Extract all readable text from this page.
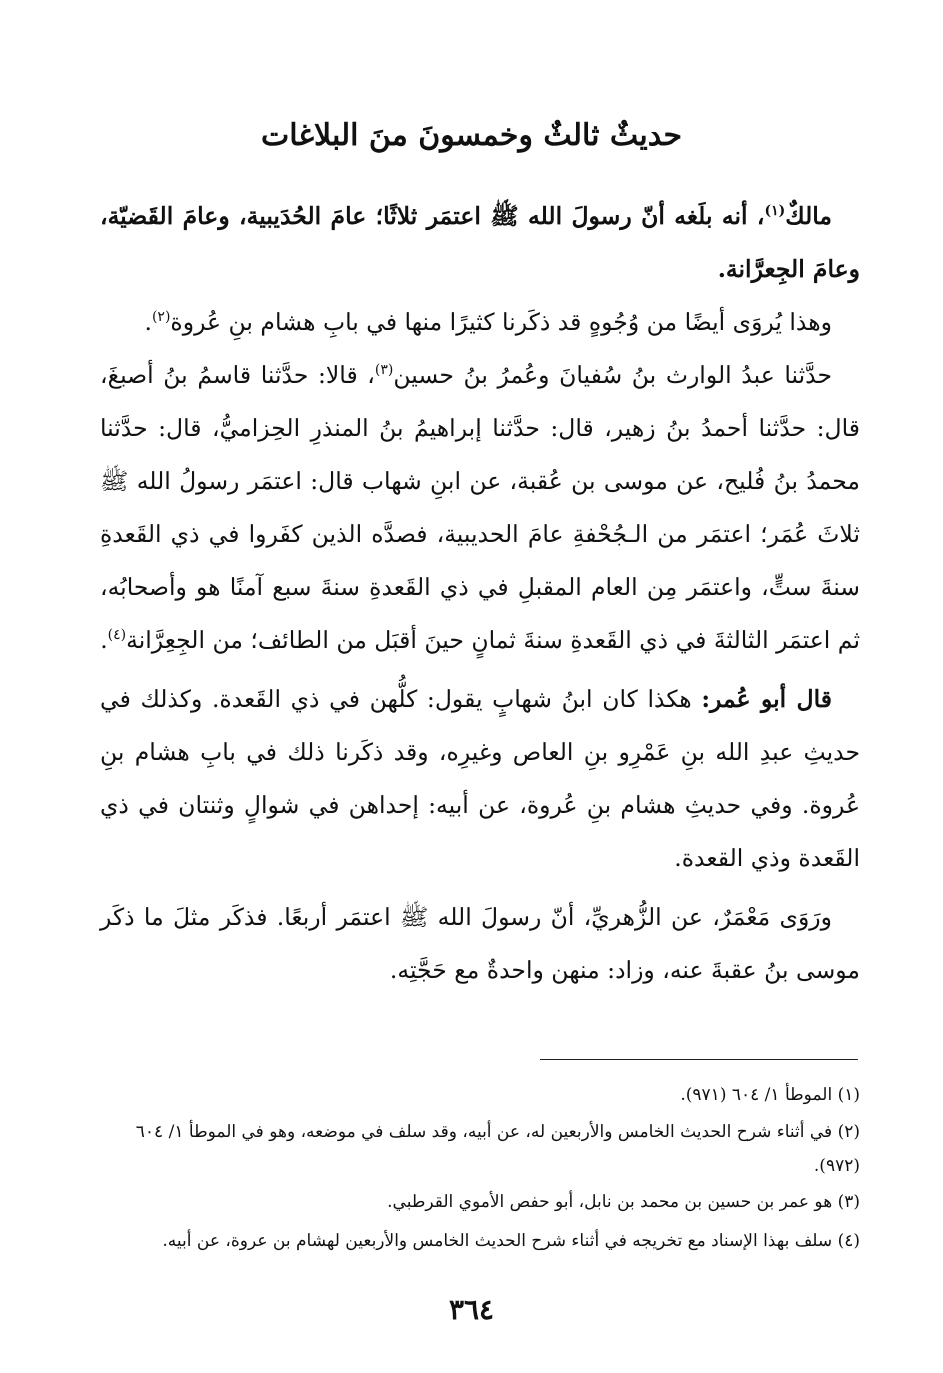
حديثٌ ثالثٌ وخمسونَ منَ البلاغات

مالكٌ$^{(١)}$، أنه بلَغه أنّ رسولَ الله ﷺ اعتمَر ثلاثًا؛ عامَ الحُدَيبية، وعامَ القَضيّة، وعامَ الجِعرَّانة.

وهذا يُروَى أيضًا من وُجُوهٍ قد ذكَرنا كثيرًا منها في بابِ هشام بنِ عُروة$^{(٢)}$.

حدَّثنا عبدُ الوارث بنُ سُفيانَ وعُمرُ بنُ حسين$^{(٣)}$، قالا: حدَّثنا قاسمُ بنُ أصبغَ، قال: حدَّثنا أحمدُ بنُ زهير، قال: حدَّثنا إبراهيمُ بنُ المنذرِ الحِزاميُّ، قال: حدَّثنا محمدُ بنُ فُليح، عن موسى بن عُقبة، عن ابنِ شهاب قال: اعتمَر رسولُ الله ﷺ ثلاثَ عُمَر؛ اعتمَر من الـجُحْفةِ عامَ الحديبية، فصدَّه الذين كفَروا في ذي القَعدةِ سنةَ ستٍّ، واعتمَر مِن العام المقبلِ في ذي القَعدةِ سنةَ سبع آمنًا هو وأصحابُه، ثم اعتمَر الثالثةَ في ذي القَعدةِ سنةَ ثمانٍ حينَ أقبَل من الطائف؛ من الجِعِرَّانة$^{(٤)}$.

قال أبو عُمر: هكذا كان ابنُ شهابٍ يقول: كلُّهن في ذي القَعدة. وكذلك في حديثِ عبدِ الله بنِ عَمْرِو بنِ العاص وغيرِه، وقد ذكَرنا ذلك في بابِ هشام بنِ عُروة. وفي حديثِ هشام بنِ عُروة، عن أبيه: إحداهن في شوالٍ وثنتان في ذي القَعدة وذي القعدة.

ورَوَى مَعْمَرٌ، عن الزُّهريِّ، أنّ رسولَ الله ﷺ اعتمَر أربعًا. فذكَر مثلَ ما ذكَر موسى بنُ عقبةَ عنه، وزاد: منهن واحدةٌ مع حَجَّتِه.

(١) الموطأ ١/ ٦٠٤ (٩٧١).

(٢) في أثناء شرح الحديث الخامس والأربعين له، عن أبيه، وقد سلف في موضعه، وهو في الموطأ ١/ ٦٠٤ (٩٧٢).

(٣) هو عمر بن حسين بن محمد بن نابل، أبو حفص الأموي القرطبي.

(٤) سلف بهذا الإسناد مع تخريجه في أثناء شرح الحديث الخامس والأربعين لهشام بن عروة، عن أبيه.

٣٦٤
